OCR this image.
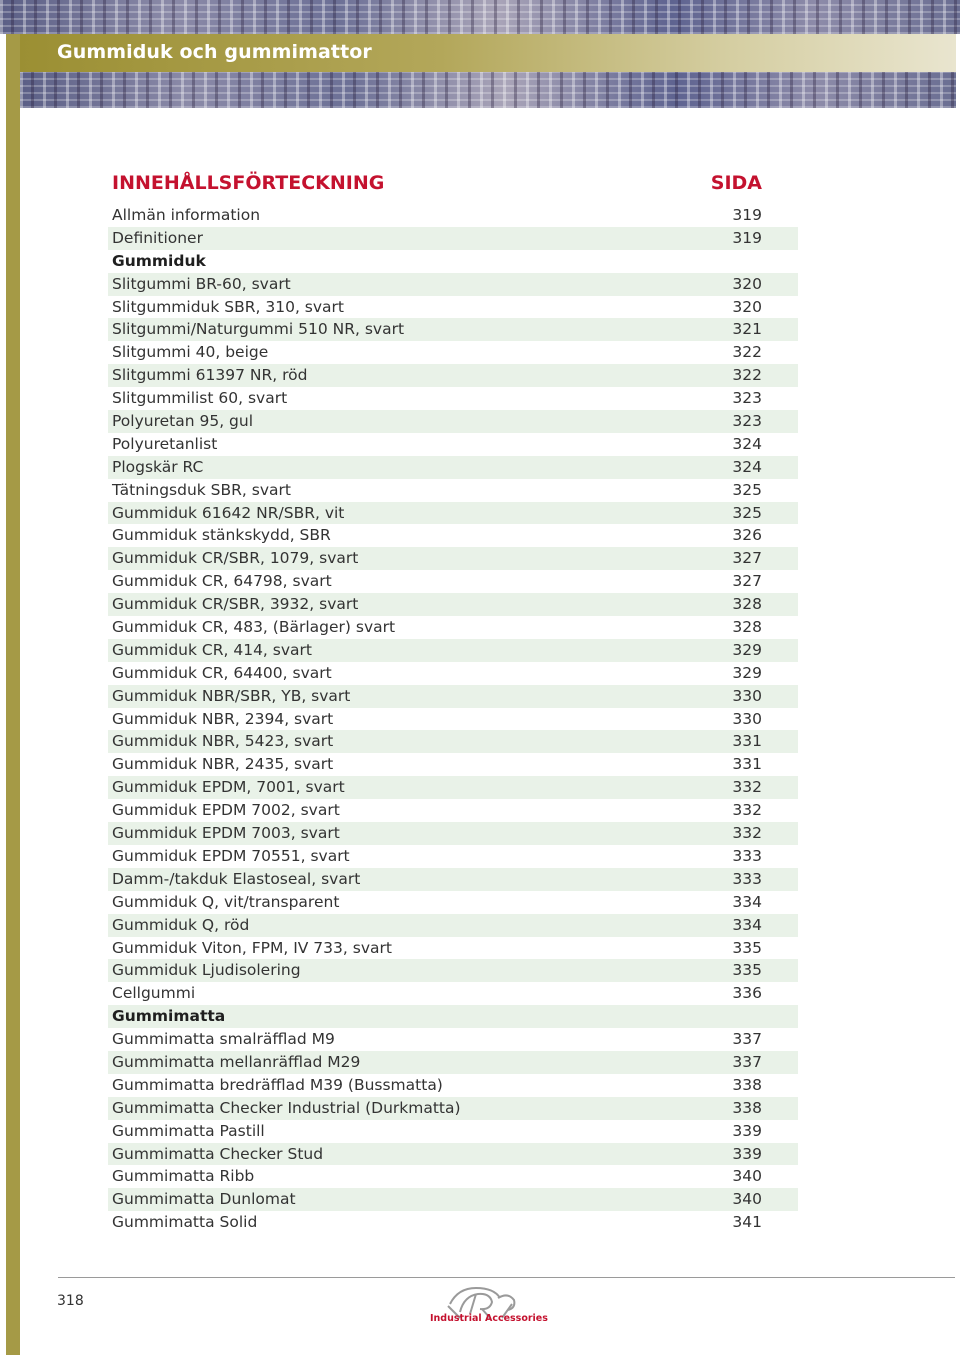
Gummiduk och gummimattor
INNEHÅLLSFÖRTECKNING	SIDA
Allmän information	319
Definitioner	319
Gummiduk
Slitgummi BR-60, svart	320
Slitgummiduk SBR, 310, svart	320
Slitgummi/Naturgummi 510 NR, svart	321
Slitgummi 40, beige	322
Slitgummi 61397 NR, röd	322
Slitgummilist 60, svart	323
Polyuretan 95, gul	323
Polyuretanlist	324
Plogskär RC	324
Tätningsduk SBR, svart	325
Gummiduk 61642 NR/SBR, vit	325
Gummiduk stänkskydd, SBR	326
Gummiduk CR/SBR, 1079, svart	327
Gummiduk CR, 64798, svart	327
Gummiduk CR/SBR, 3932, svart	328
Gummiduk CR, 483, (Bärlager) svart	328
Gummiduk CR, 414, svart	329
Gummiduk CR, 64400, svart	329
Gummiduk NBR/SBR, YB, svart	330
Gummiduk NBR, 2394, svart	330
Gummiduk NBR, 5423, svart	331
Gummiduk NBR, 2435, svart	331
Gummiduk EPDM, 7001, svart	332
Gummiduk EPDM 7002, svart	332
Gummiduk EPDM 7003, svart	332
Gummiduk EPDM 70551, svart	333
Damm-/takduk Elastoseal, svart	333
Gummiduk Q, vit/transparent	334
Gummiduk Q, röd	334
Gummiduk Viton, FPM, IV 733, svart	335
Gummiduk Ljudisolering	335
Cellgummi	336
Gummimatta
Gummimatta smalräfflad M9	337
Gummimatta mellanräfflad M29	337
Gummimatta bredräfflad M39 (Bussmatta)	338
Gummimatta Checker Industrial (Durkmatta)	338
Gummimatta Pastill	339
Gummimatta Checker Stud	339
Gummimatta Ribb	340
Gummimatta Dunlomat	340
Gummimatta Solid	341
318
Industrial Accessories
